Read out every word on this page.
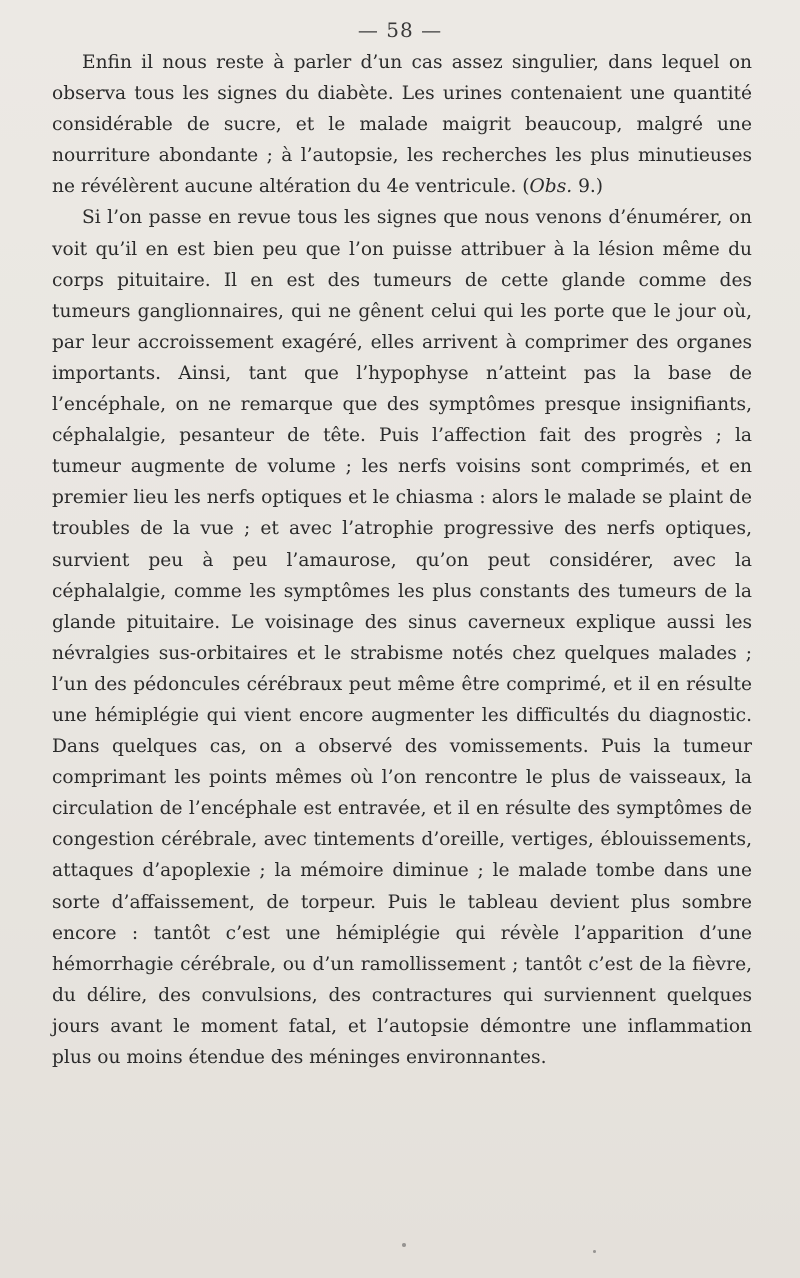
— 58 —

Enfin il nous reste à parler d’un cas assez singulier, dans lequel on observa tous les signes du diabète. Les urines contenaient une quantité considérable de sucre, et le malade maigrit beaucoup, malgré une nourriture abondante ; à l’autopsie, les recherches les plus minutieuses ne révélèrent aucune altération du 4e ventricule. (Obs. 9.)

Si l’on passe en revue tous les signes que nous venons d’énumérer, on voit qu’il en est bien peu que l’on puisse attribuer à la lésion même du corps pituitaire. Il en est des tumeurs de cette glande comme des tumeurs ganglionnaires, qui ne gênent celui qui les porte que le jour où, par leur accroissement exagéré, elles arrivent à comprimer des organes importants. Ainsi, tant que l’hypophyse n’atteint pas la base de l’encéphale, on ne remarque que des symptômes presque insignifiants, céphalalgie, pesanteur de tête. Puis l’affection fait des progrès ; la tumeur augmente de volume ; les nerfs voisins sont comprimés, et en premier lieu les nerfs optiques et le chiasma : alors le malade se plaint de troubles de la vue ; et avec l’atrophie progressive des nerfs optiques, survient peu à peu l’amaurose, qu’on peut considérer, avec la céphalalgie, comme les symptômes les plus constants des tumeurs de la glande pituitaire. Le voisinage des sinus caverneux explique aussi les névralgies sus-orbitaires et le strabisme notés chez quelques malades ; l’un des pédoncules cérébraux peut même être comprimé, et il en résulte une hémiplégie qui vient encore augmenter les difficultés du diagnostic. Dans quelques cas, on a observé des vomissements. Puis la tumeur comprimant les points mêmes où l’on rencontre le plus de vaisseaux, la circulation de l’encéphale est entravée, et il en résulte des symptômes de congestion cérébrale, avec tintements d’oreille, vertiges, éblouissements, attaques d’apoplexie ; la mémoire diminue ; le malade tombe dans une sorte d’affaissement, de torpeur. Puis le tableau devient plus sombre encore : tantôt c’est une hémiplégie qui révèle l’apparition d’une hémorrhagie cérébrale, ou d’un ramollissement ; tantôt c’est de la fièvre, du délire, des convulsions, des contractures qui surviennent quelques jours avant le moment fatal, et l’autopsie démontre une inflammation plus ou moins étendue des méninges environnantes.
